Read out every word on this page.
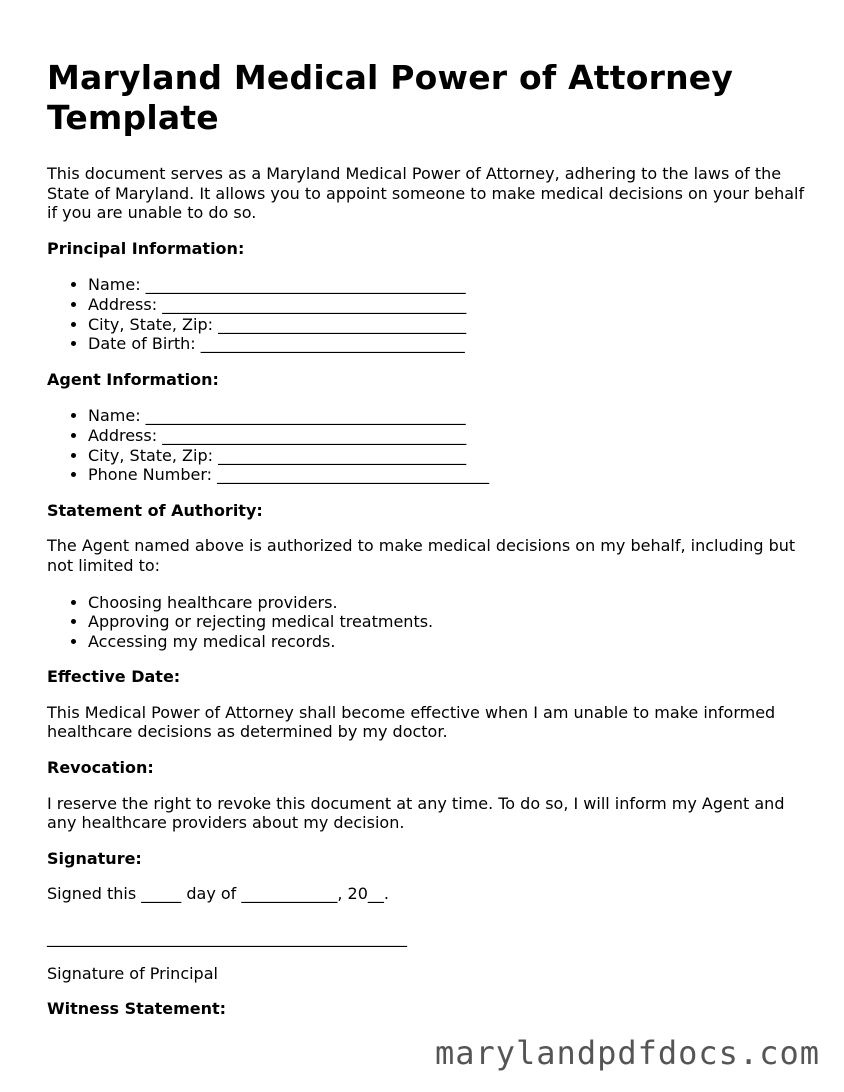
Maryland Medical Power of Attorney Template

This document serves as a Maryland Medical Power of Attorney, adhering to the laws of the State of Maryland. It allows you to appoint someone to make medical decisions on your behalf if you are unable to do so.

Principal Information:

• Name: ________________________________________
• Address: ______________________________________
• City, State, Zip: _______________________________
• Date of Birth: _________________________________

Agent Information:

• Name: ________________________________________
• Address: ______________________________________
• City, State, Zip: _______________________________
• Phone Number: __________________________________

Statement of Authority:

The Agent named above is authorized to make medical decisions on my behalf, including but not limited to:

• Choosing healthcare providers.
• Approving or rejecting medical treatments.
• Accessing my medical records.

Effective Date:

This Medical Power of Attorney shall become effective when I am unable to make informed healthcare decisions as determined by my doctor.

Revocation:

I reserve the right to revoke this document at any time. To do so, I will inform my Agent and any healthcare providers about my decision.

Signature:

Signed this _____ day of ____________, 20__.

_____________________________________________

Signature of Principal

Witness Statement:

marylandpdfdocs.com
